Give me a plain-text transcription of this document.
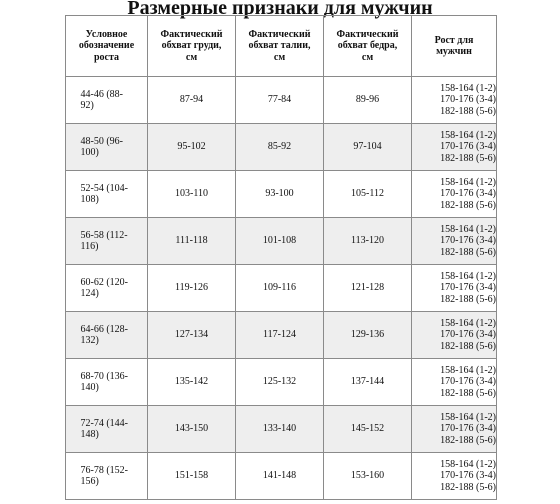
Размерные признаки для мужчин
Условное обозначение роста	Фактический обхват груди, см	Фактический обхват талии, см	Фактический обхват бедра, см	Рост для мужчин

44-46 (88-92)	87-94	77-84	89-96	158-164 (1-2)
170-176 (3-4)
182-188 (5-6)

48-50 (96-100)	95-102	85-92	97-104	158-164 (1-2)
170-176 (3-4)
182-188 (5-6)

52-54 (104-108)	103-110	93-100	105-112	158-164 (1-2)
170-176 (3-4)
182-188 (5-6)

56-58 (112-116)	111-118	101-108	113-120	158-164 (1-2)
170-176 (3-4)
182-188 (5-6)

60-62 (120-124)	119-126	109-116	121-128	158-164 (1-2)
170-176 (3-4)
182-188 (5-6)

64-66 (128-132)	127-134	117-124	129-136	158-164 (1-2)
170-176 (3-4)
182-188 (5-6)

68-70 (136-140)	135-142	125-132	137-144	158-164 (1-2)
170-176 (3-4)
182-188 (5-6)

72-74 (144-148)	143-150	133-140	145-152	158-164 (1-2)
170-176 (3-4)
182-188 (5-6)

76-78 (152-156)	151-158	141-148	153-160	158-164 (1-2)
170-176 (3-4)
182-188 (5-6)
